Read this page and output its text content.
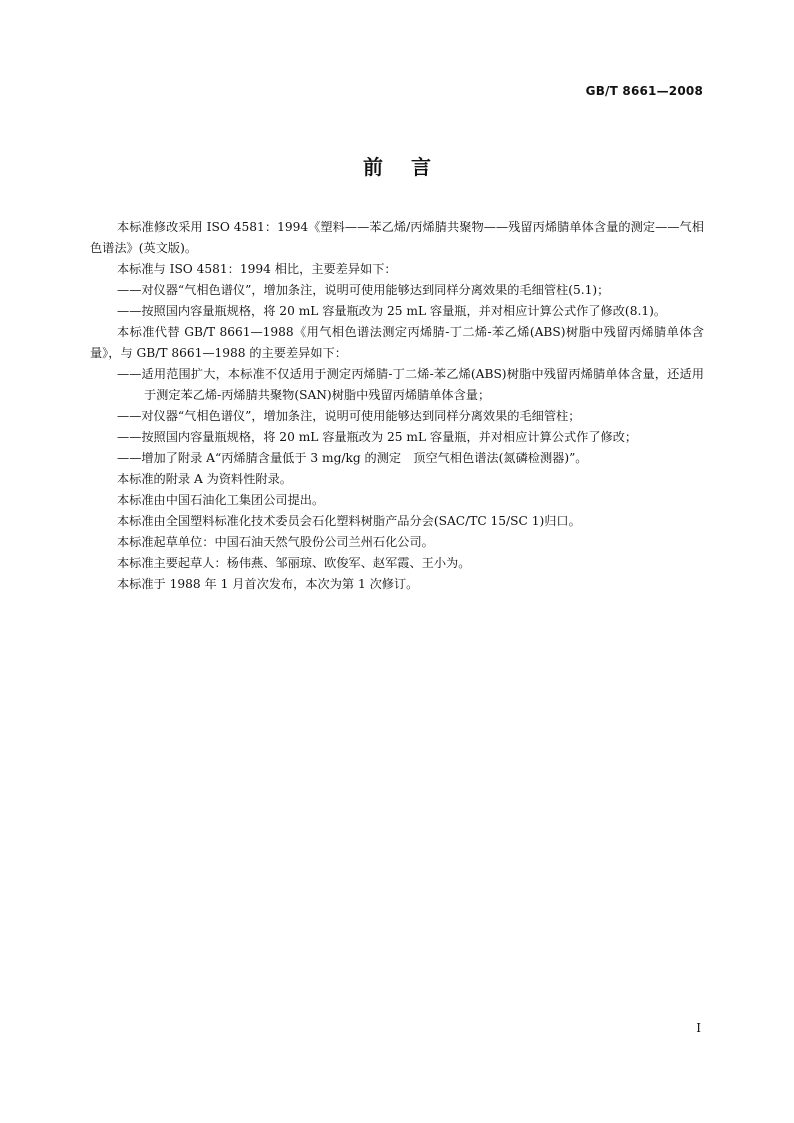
GB/T 8661—2008
前言

本标准修改采用 ISO 4581：1994《塑料——苯乙烯/丙烯腈共聚物——残留丙烯腈单体含量的测定——气相色谱法》(英文版)。

本标准与 ISO 4581：1994 相比，主要差异如下：

——对仪器“气相色谱仪”，增加条注，说明可使用能够达到同样分离效果的毛细管柱(5.1)；

——按照国内容量瓶规格，将 20 mL 容量瓶改为 25 mL 容量瓶，并对相应计算公式作了修改(8.1)。

本标准代替 GB/T 8661—1988《用气相色谱法测定丙烯腈-丁二烯-苯乙烯(ABS)树脂中残留丙烯腈单体含量》，与 GB/T 8661—1988 的主要差异如下：

——适用范围扩大，本标准不仅适用于测定丙烯腈-丁二烯-苯乙烯(ABS)树脂中残留丙烯腈单体含量，还适用于测定苯乙烯-丙烯腈共聚物(SAN)树脂中残留丙烯腈单体含量；

——对仪器“气相色谱仪”，增加条注，说明可使用能够达到同样分离效果的毛细管柱；

——按照国内容量瓶规格，将 20 mL 容量瓶改为 25 mL 容量瓶，并对相应计算公式作了修改；

——增加了附录 A“丙烯腈含量低于 3 mg/kg 的测定　顶空气相色谱法(氮磷检测器)”。

本标准的附录 A 为资料性附录。

本标准由中国石油化工集团公司提出。

本标准由全国塑料标准化技术委员会石化塑料树脂产品分会(SAC/TC 15/SC 1)归口。

本标准起草单位：中国石油天然气股份公司兰州石化公司。

本标准主要起草人：杨伟燕、邹丽琼、欧俊军、赵军霞、王小为。

本标准于 1988 年 1 月首次发布，本次为第 1 次修订。

Ⅰ
